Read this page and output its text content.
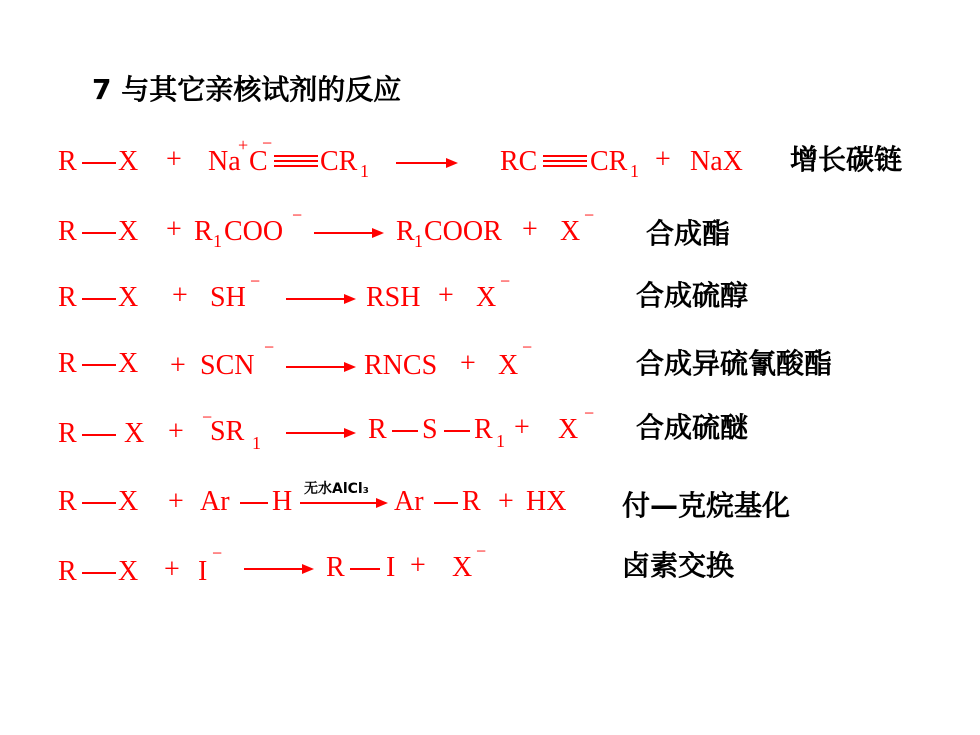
7 与其它亲核试剂的反应
R X + Na
+
C
−
CR 1	RC CR 1 + NaX 增长碳链
R X + R 1 COO
−
R 1 COOR + X
−
合成酯
R X + SH
−
RSH + X
−	合成硫醇
R X + SCN
−
RNCS + X
−	合成异硫氰酸酯
R X + −
SR 1	R S R 1 + X
− 合成硫醚
R X + Ar H 无水AlCl₃ Ar R + HX 付—克烷基化
R X + I
−	R I + X
−	卤素交换
